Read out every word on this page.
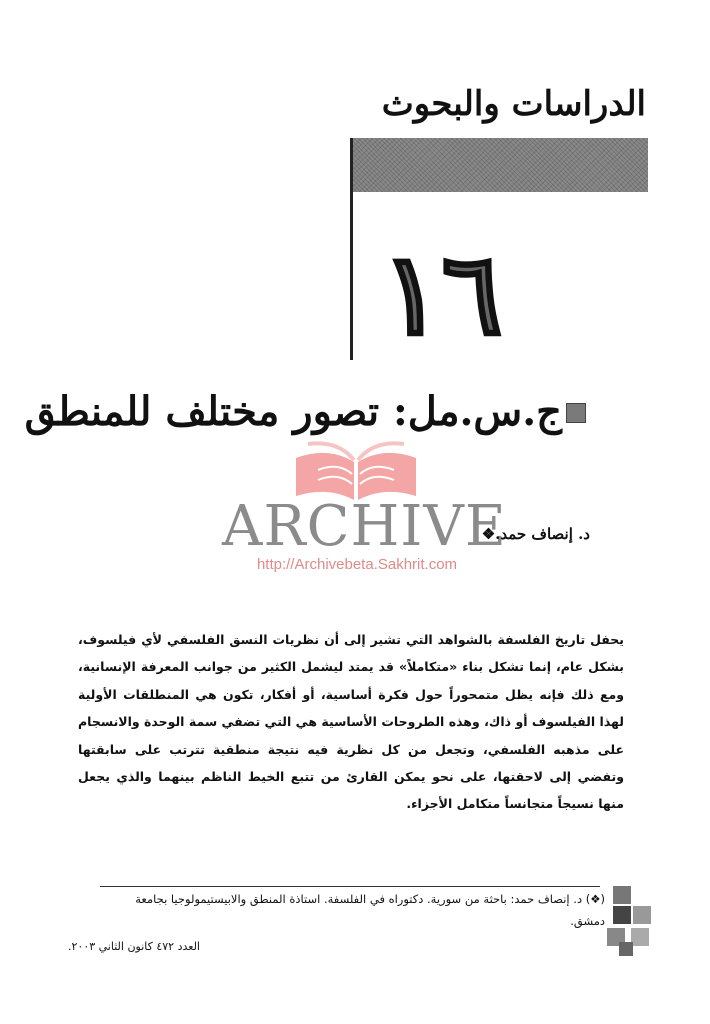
الدراسات والبحوث
١٦
ج.س.مل: تصور مختلف للمنطق
ARCHIVE
http://Archivebeta.Sakhrit.com
د. إنصاف حمد.❖
يحفل تاريخ الفلسفة بالشواهد التي تشير إلى أن نظريات النسق الفلسفي لأي فيلسوف، بشكل عام، إنما تشكل بناء «متكاملاً» قد يمتد ليشمل الكثير من جوانب المعرفة الإنسانية، ومع ذلك فإنه يظل متمحوراً حول فكرة أساسية، أو أفكار، تكون هي المنطلقات الأولية لهذا الفيلسوف أو ذاك، وهذه الطروحات الأساسية هي التي تضفي سمة الوحدة والانسجام على مذهبه الفلسفي، وتجعل من كل نظرية فيه نتيجة منطقية تترتب على سابقتها وتفضي إلى لاحقتها، على نحو يمكن القارئ من تتبع الخيط الناظم بينهما والذي يجعل منها نسيجاً متجانساً متكامل الأجزاء.
(❖) د. إنصاف حمد: باحثة من سورية. دكتوراه في الفلسفة. استاذة المنطق والابيستيمولوجيا بجامعة دمشق.
العدد ٤٧٢ كانون الثاني ٢٠٠٣.
